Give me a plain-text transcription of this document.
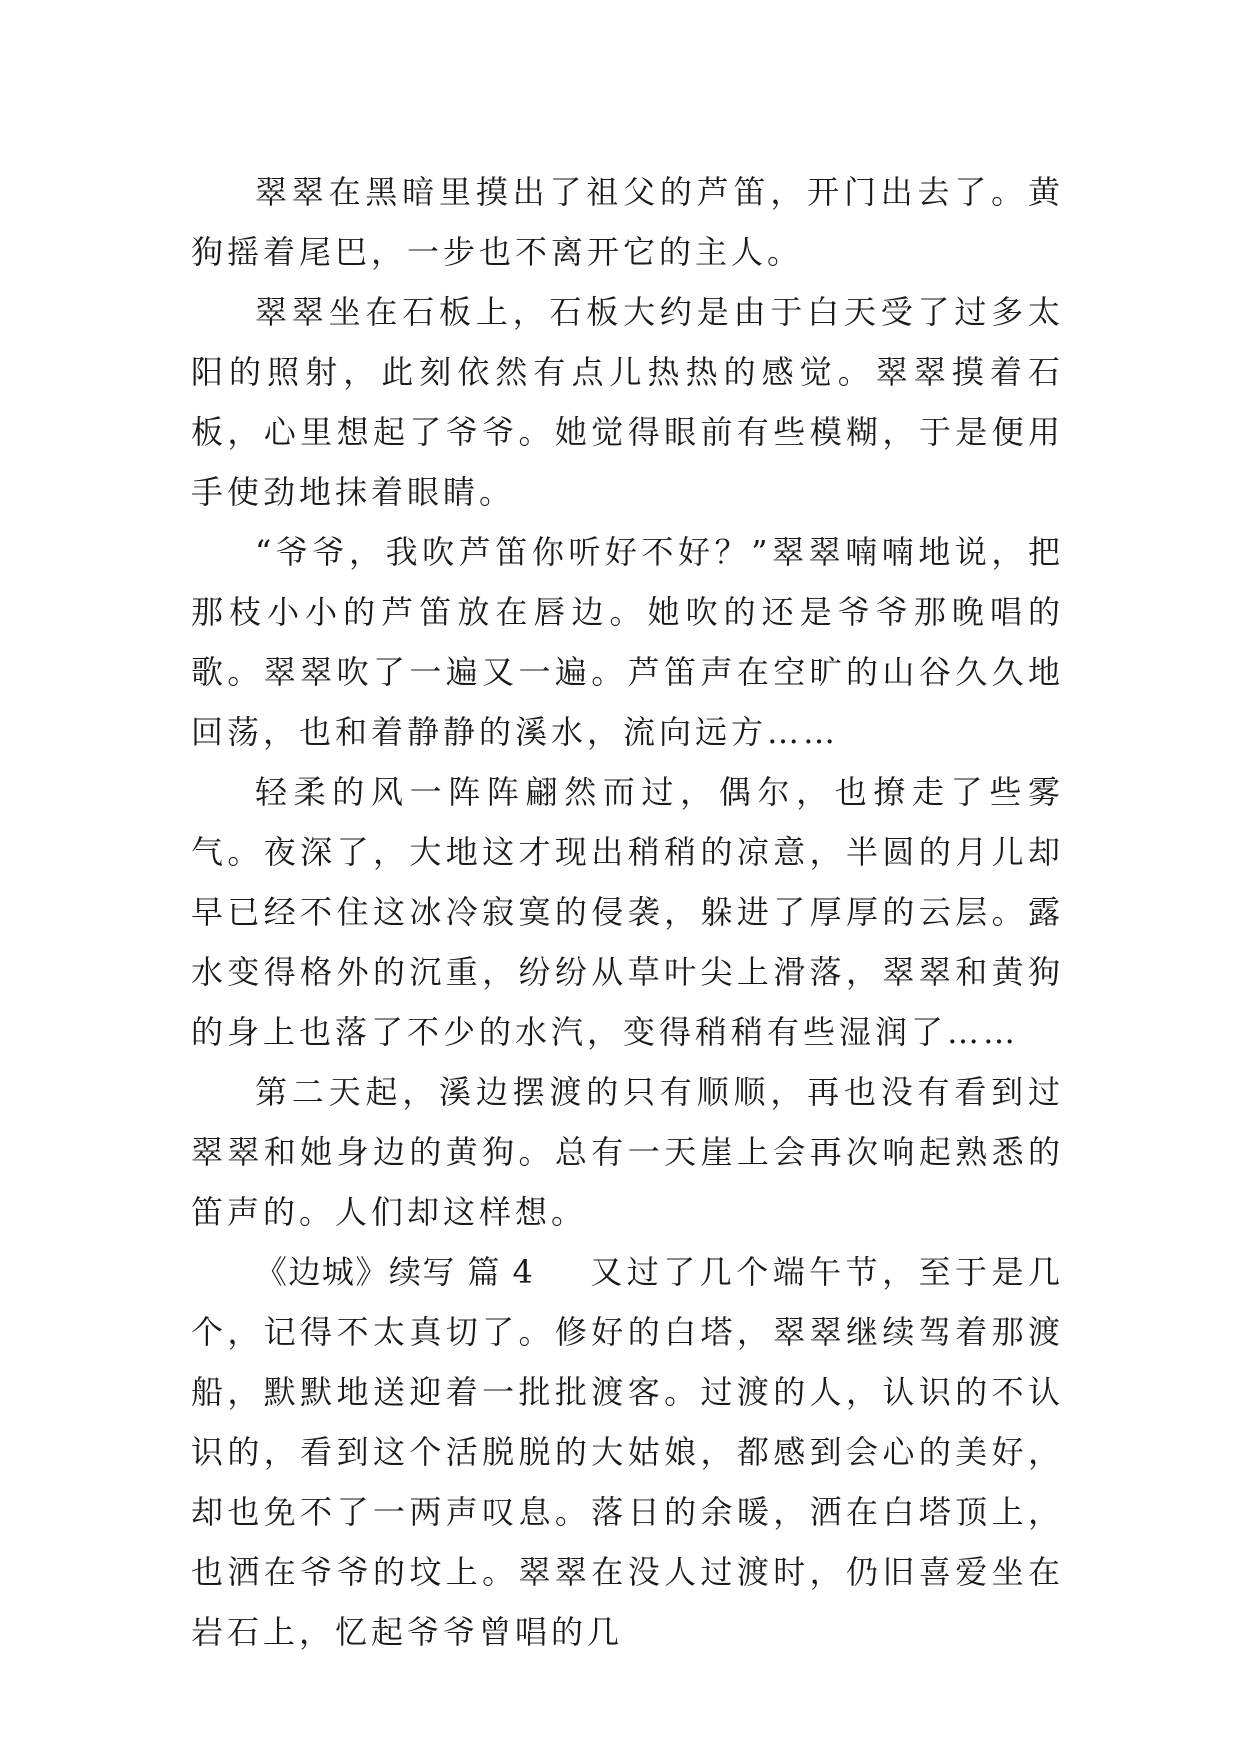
翠翠在黑暗里摸出了祖父的芦笛，开门出去了。黄狗摇着尾巴，一步也不离开它的主人。

翠翠坐在石板上，石板大约是由于白天受了过多太阳的照射，此刻依然有点儿热热的感觉。翠翠摸着石板，心里想起了爷爷。她觉得眼前有些模糊，于是便用手使劲地抹着眼睛。

“爷爷，我吹芦笛你听好不好？”翠翠喃喃地说，把那枝小小的芦笛放在唇边。她吹的还是爷爷那晚唱的歌。翠翠吹了一遍又一遍。芦笛声在空旷的山谷久久地回荡，也和着静静的溪水，流向远方……

轻柔的风一阵阵翩然而过，偶尔，也撩走了些雾气。夜深了，大地这才现出稍稍的凉意，半圆的月儿却早已经不住这冰冷寂寞的侵袭，躲进了厚厚的云层。露水变得格外的沉重，纷纷从草叶尖上滑落，翠翠和黄狗的身上也落了不少的水汽，变得稍稍有些湿润了……

第二天起，溪边摆渡的只有顺顺，再也没有看到过翠翠和她身边的黄狗。总有一天崖上会再次响起熟悉的笛声的。人们却这样想。

《边城》续写 篇 4 又过了几个端午节，至于是几个，记得不太真切了。修好的白塔，翠翠继续驾着那渡船，默默地送迎着一批批渡客。过渡的人，认识的不认识的，看到这个活脱脱的大姑娘，都感到会心的美好，却也免不了一两声叹息。落日的余暖，洒在白塔顶上，也洒在爷爷的坟上。翠翠在没人过渡时，仍旧喜爱坐在岩石上，忆起爷爷曾唱的几
